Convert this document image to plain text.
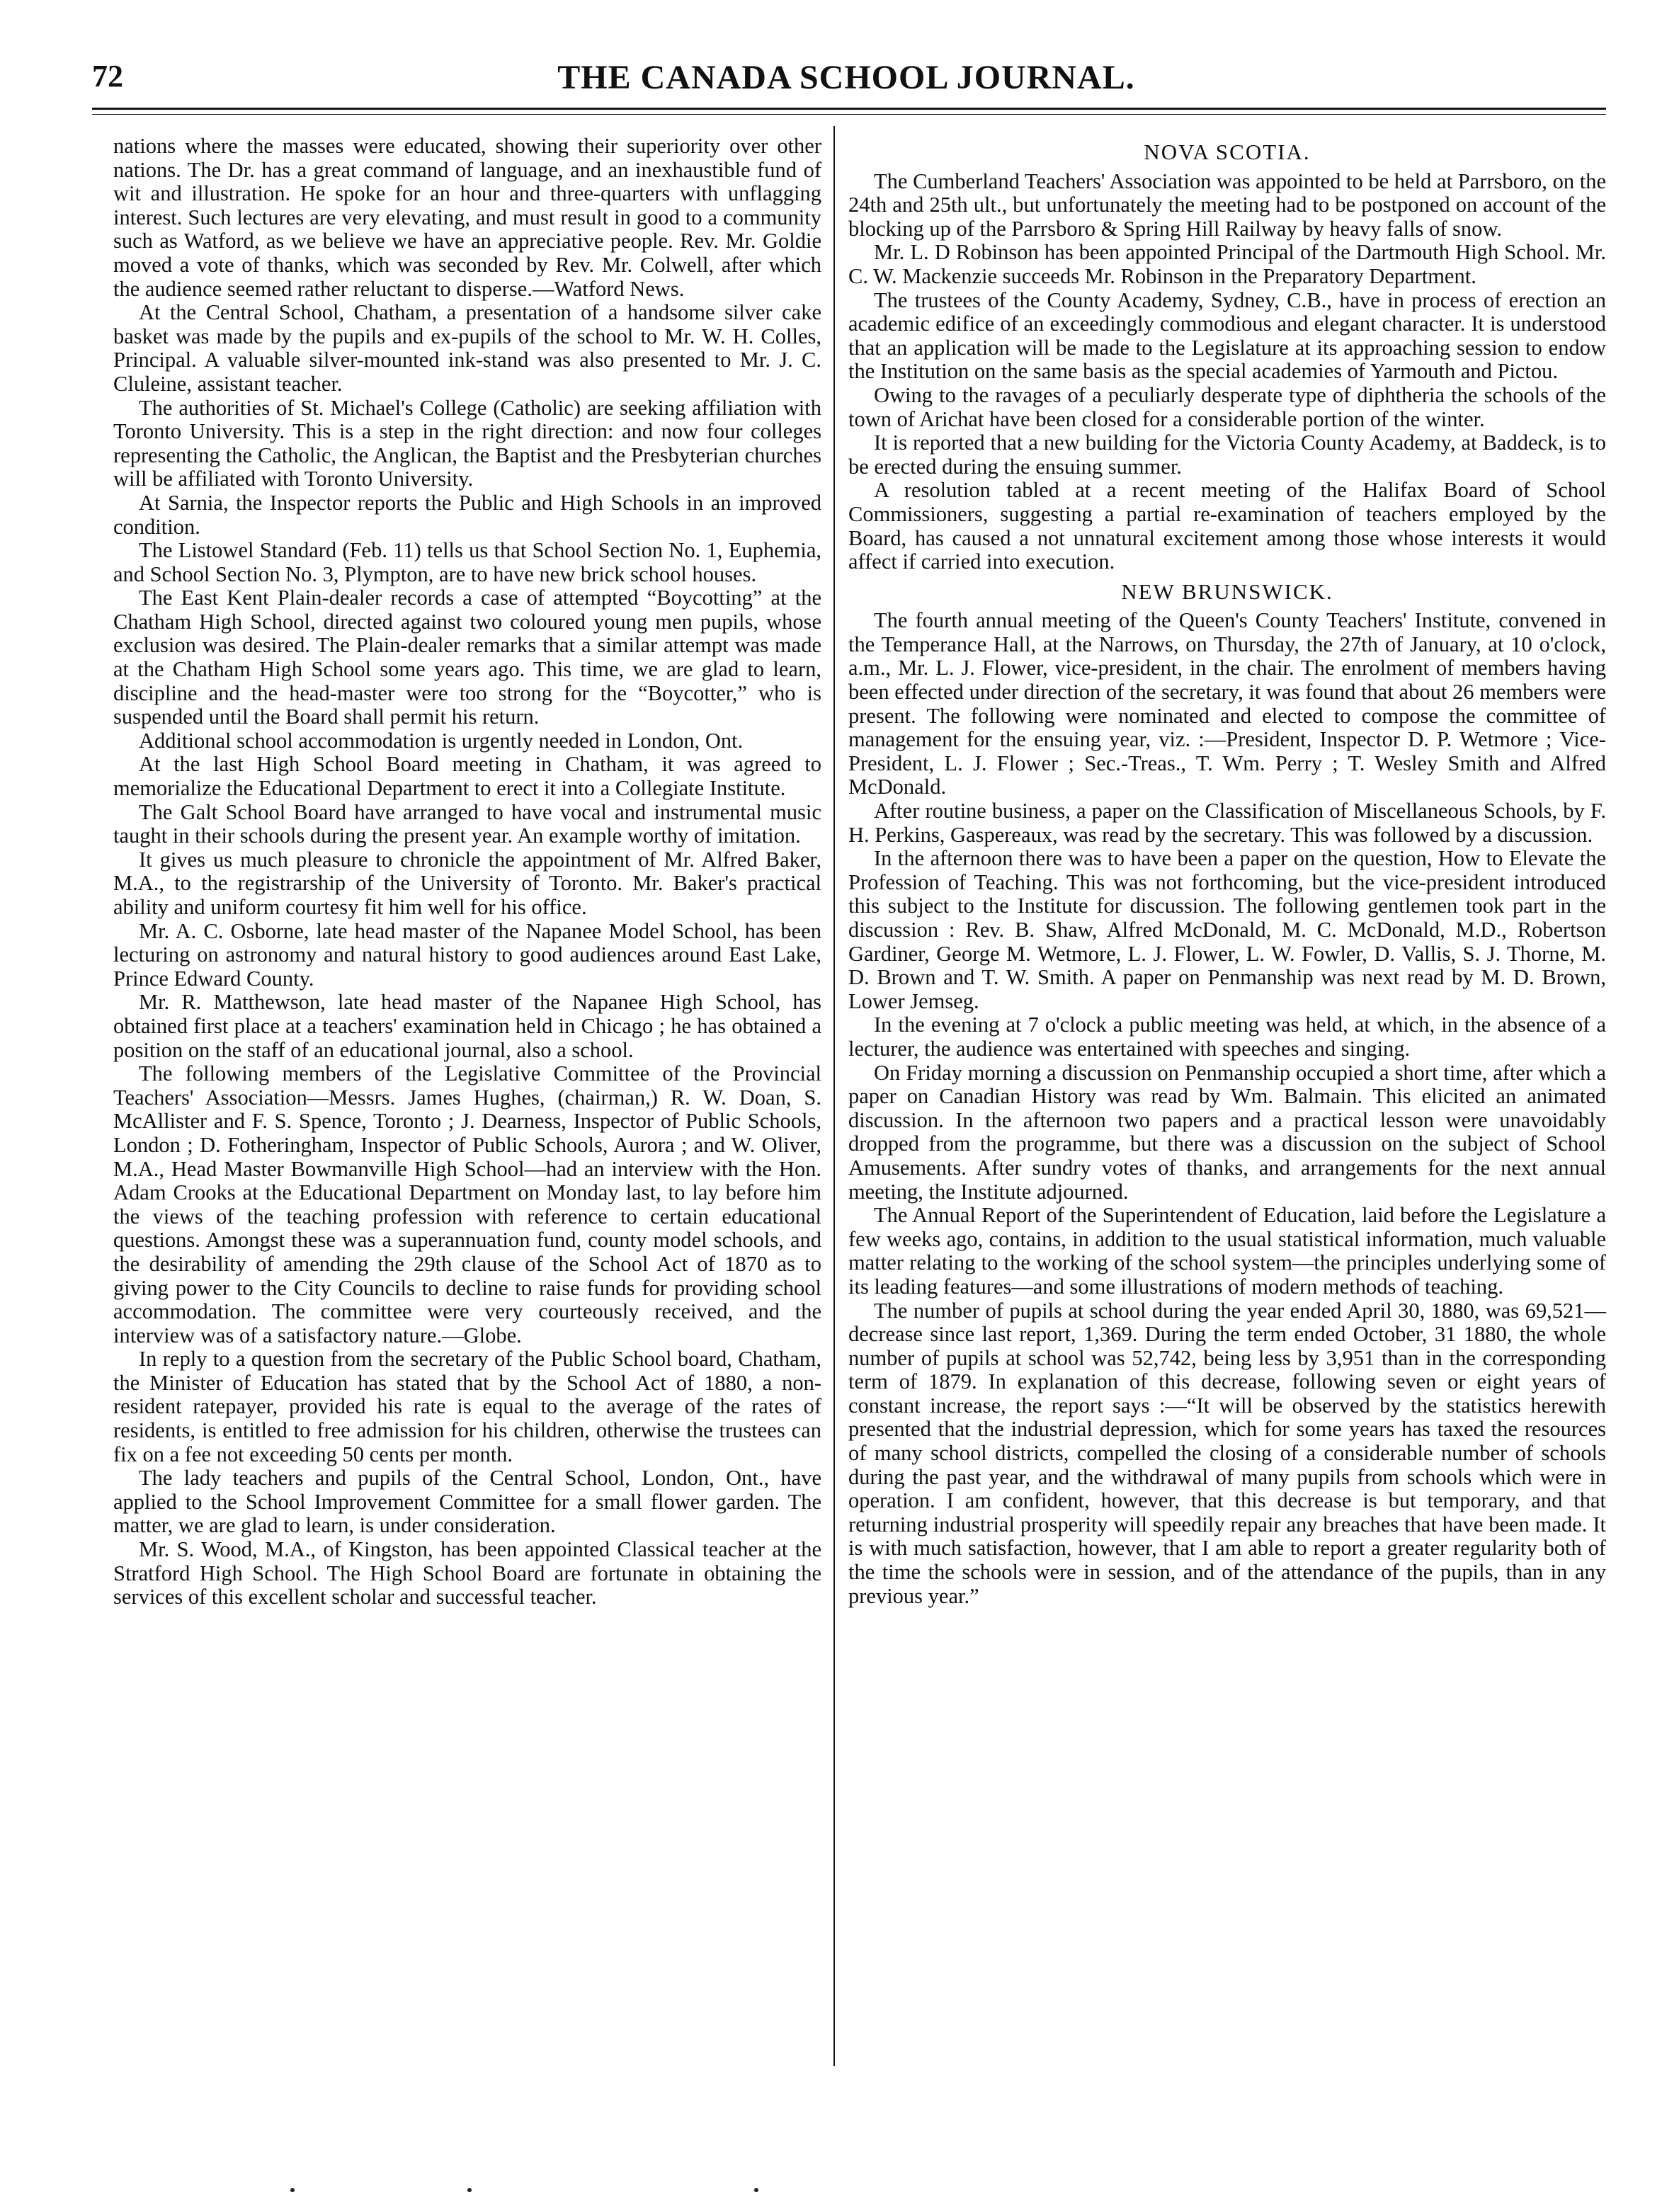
72	THE CANADA SCHOOL JOURNAL.

nations where the masses were educated, showing their superiority over other nations. The Dr. has a great command of language, and an inexhaustible fund of wit and illustration. He spoke for an hour and three-quarters with unflagging interest. Such lectures are very elevating, and must result in good to a community such as Watford, as we believe we have an appreciative people. Rev. Mr. Goldie moved a vote of thanks, which was seconded by Rev. Mr. Colwell, after which the audience seemed rather reluctant to disperse.—Watford News.

At the Central School, Chatham, a presentation of a handsome silver cake basket was made by the pupils and ex-pupils of the school to Mr. W. H. Colles, Principal. A valuable silver-mounted ink-stand was also presented to Mr. J. C. Cluleine, assistant teacher.

The authorities of St. Michael's College (Catholic) are seeking affiliation with Toronto University. This is a step in the right direction: and now four colleges representing the Catholic, the Anglican, the Baptist and the Presbyterian churches will be affiliated with Toronto University.

At Sarnia, the Inspector reports the Public and High Schools in an improved condition.

The Listowel Standard (Feb. 11) tells us that School Section No. 1, Euphemia, and School Section No. 3, Plympton, are to have new brick school houses.

The East Kent Plain-dealer records a case of attempted “Boycotting” at the Chatham High School, directed against two coloured young men pupils, whose exclusion was desired. The Plain-dealer remarks that a similar attempt was made at the Chatham High School some years ago. This time, we are glad to learn, discipline and the head-master were too strong for the “Boycotter,” who is suspended until the Board shall permit his return.

Additional school accommodation is urgently needed in London, Ont.

At the last High School Board meeting in Chatham, it was agreed to memorialize the Educational Department to erect it into a Collegiate Institute.

The Galt School Board have arranged to have vocal and instrumental music taught in their schools during the present year. An example worthy of imitation.

It gives us much pleasure to chronicle the appointment of Mr. Alfred Baker, M.A., to the registrarship of the University of Toronto. Mr. Baker's practical ability and uniform courtesy fit him well for his office.

Mr. A. C. Osborne, late head master of the Napanee Model School, has been lecturing on astronomy and natural history to good audiences around East Lake, Prince Edward County.

Mr. R. Matthewson, late head master of the Napanee High School, has obtained first place at a teachers' examination held in Chicago ; he has obtained a position on the staff of an educational journal, also a school.

The following members of the Legislative Committee of the Provincial Teachers' Association—Messrs. James Hughes, (chairman,) R. W. Doan, S. McAllister and F. S. Spence, Toronto ; J. Dearness, Inspector of Public Schools, London ; D. Fotheringham, Inspector of Public Schools, Aurora ; and W. Oliver, M.A., Head Master Bowmanville High School—had an interview with the Hon. Adam Crooks at the Educational Department on Monday last, to lay before him the views of the teaching profession with reference to certain educational questions. Amongst these was a superannuation fund, county model schools, and the desirability of amending the 29th clause of the School Act of 1870 as to giving power to the City Councils to decline to raise funds for providing school accommodation. The committee were very courteously received, and the interview was of a satisfactory nature.—Globe.

In reply to a question from the secretary of the Public School board, Chatham, the Minister of Education has stated that by the School Act of 1880, a non-resident ratepayer, provided his rate is equal to the average of the rates of residents, is entitled to free admission for his children, otherwise the trustees can fix on a fee not exceeding 50 cents per month.

The lady teachers and pupils of the Central School, London, Ont., have applied to the School Improvement Committee for a small flower garden. The matter, we are glad to learn, is under consideration.

Mr. S. Wood, M.A., of Kingston, has been appointed Classical teacher at the Stratford High School. The High School Board are fortunate in obtaining the services of this excellent scholar and successful teacher.

NOVA SCOTIA.

The Cumberland Teachers' Association was appointed to be held at Parrsboro, on the 24th and 25th ult., but unfortunately the meeting had to be postponed on account of the blocking up of the Parrsboro & Spring Hill Railway by heavy falls of snow.

Mr. L. D Robinson has been appointed Principal of the Dartmouth High School. Mr. C. W. Mackenzie succeeds Mr. Robinson in the Preparatory Department.

The trustees of the County Academy, Sydney, C.B., have in process of erection an academic edifice of an exceedingly commodious and elegant character. It is understood that an application will be made to the Legislature at its approaching session to endow the Institution on the same basis as the special academies of Yarmouth and Pictou.

Owing to the ravages of a peculiarly desperate type of diphtheria the schools of the town of Arichat have been closed for a considerable portion of the winter.

It is reported that a new building for the Victoria County Academy, at Baddeck, is to be erected during the ensuing summer.

A resolution tabled at a recent meeting of the Halifax Board of School Commissioners, suggesting a partial re-examination of teachers employed by the Board, has caused a not unnatural excitement among those whose interests it would affect if carried into execution.

NEW BRUNSWICK.

The fourth annual meeting of the Queen's County Teachers' Institute, convened in the Temperance Hall, at the Narrows, on Thursday, the 27th of January, at 10 o'clock, a.m., Mr. L. J. Flower, vice-president, in the chair. The enrolment of members having been effected under direction of the secretary, it was found that about 26 members were present. The following were nominated and elected to compose the committee of management for the ensuing year, viz. :—President, Inspector D. P. Wetmore ; Vice-President, L. J. Flower ; Sec.-Treas., T. Wm. Perry ; T. Wesley Smith and Alfred McDonald.

After routine business, a paper on the Classification of Miscellaneous Schools, by F. H. Perkins, Gaspereaux, was read by the secretary. This was followed by a discussion.

In the afternoon there was to have been a paper on the question, How to Elevate the Profession of Teaching. This was not forthcoming, but the vice-president introduced this subject to the Institute for discussion. The following gentlemen took part in the discussion : Rev. B. Shaw, Alfred McDonald, M. C. McDonald, M.D., Robertson Gardiner, George M. Wetmore, L. J. Flower, L. W. Fowler, D. Vallis, S. J. Thorne, M. D. Brown and T. W. Smith. A paper on Penmanship was next read by M. D. Brown, Lower Jemseg.

In the evening at 7 o'clock a public meeting was held, at which, in the absence of a lecturer, the audience was entertained with speeches and singing.

On Friday morning a discussion on Penmanship occupied a short time, after which a paper on Canadian History was read by Wm. Balmain. This elicited an animated discussion. In the afternoon two papers and a practical lesson were unavoidably dropped from the programme, but there was a discussion on the subject of School Amusements. After sundry votes of thanks, and arrangements for the next annual meeting, the Institute adjourned.

The Annual Report of the Superintendent of Education, laid before the Legislature a few weeks ago, contains, in addition to the usual statistical information, much valuable matter relating to the working of the school system—the principles underlying some of its leading features—and some illustrations of modern methods of teaching.

The number of pupils at school during the year ended April 30, 1880, was 69,521—decrease since last report, 1,369. During the term ended October, 31 1880, the whole number of pupils at school was 52,742, being less by 3,951 than in the corresponding term of 1879. In explanation of this decrease, following seven or eight years of constant increase, the report says :—“It will be observed by the statistics herewith presented that the industrial depression, which for some years has taxed the resources of many school districts, compelled the closing of a considerable number of schools during the past year, and the withdrawal of many pupils from schools which were in operation. I am confident, however, that this decrease is but temporary, and that returning industrial prosperity will speedily repair any breaches that have been made. It is with much satisfaction, however, that I am able to report a greater regularity both of the time the schools were in session, and of the attendance of the pupils, than in any previous year.”
